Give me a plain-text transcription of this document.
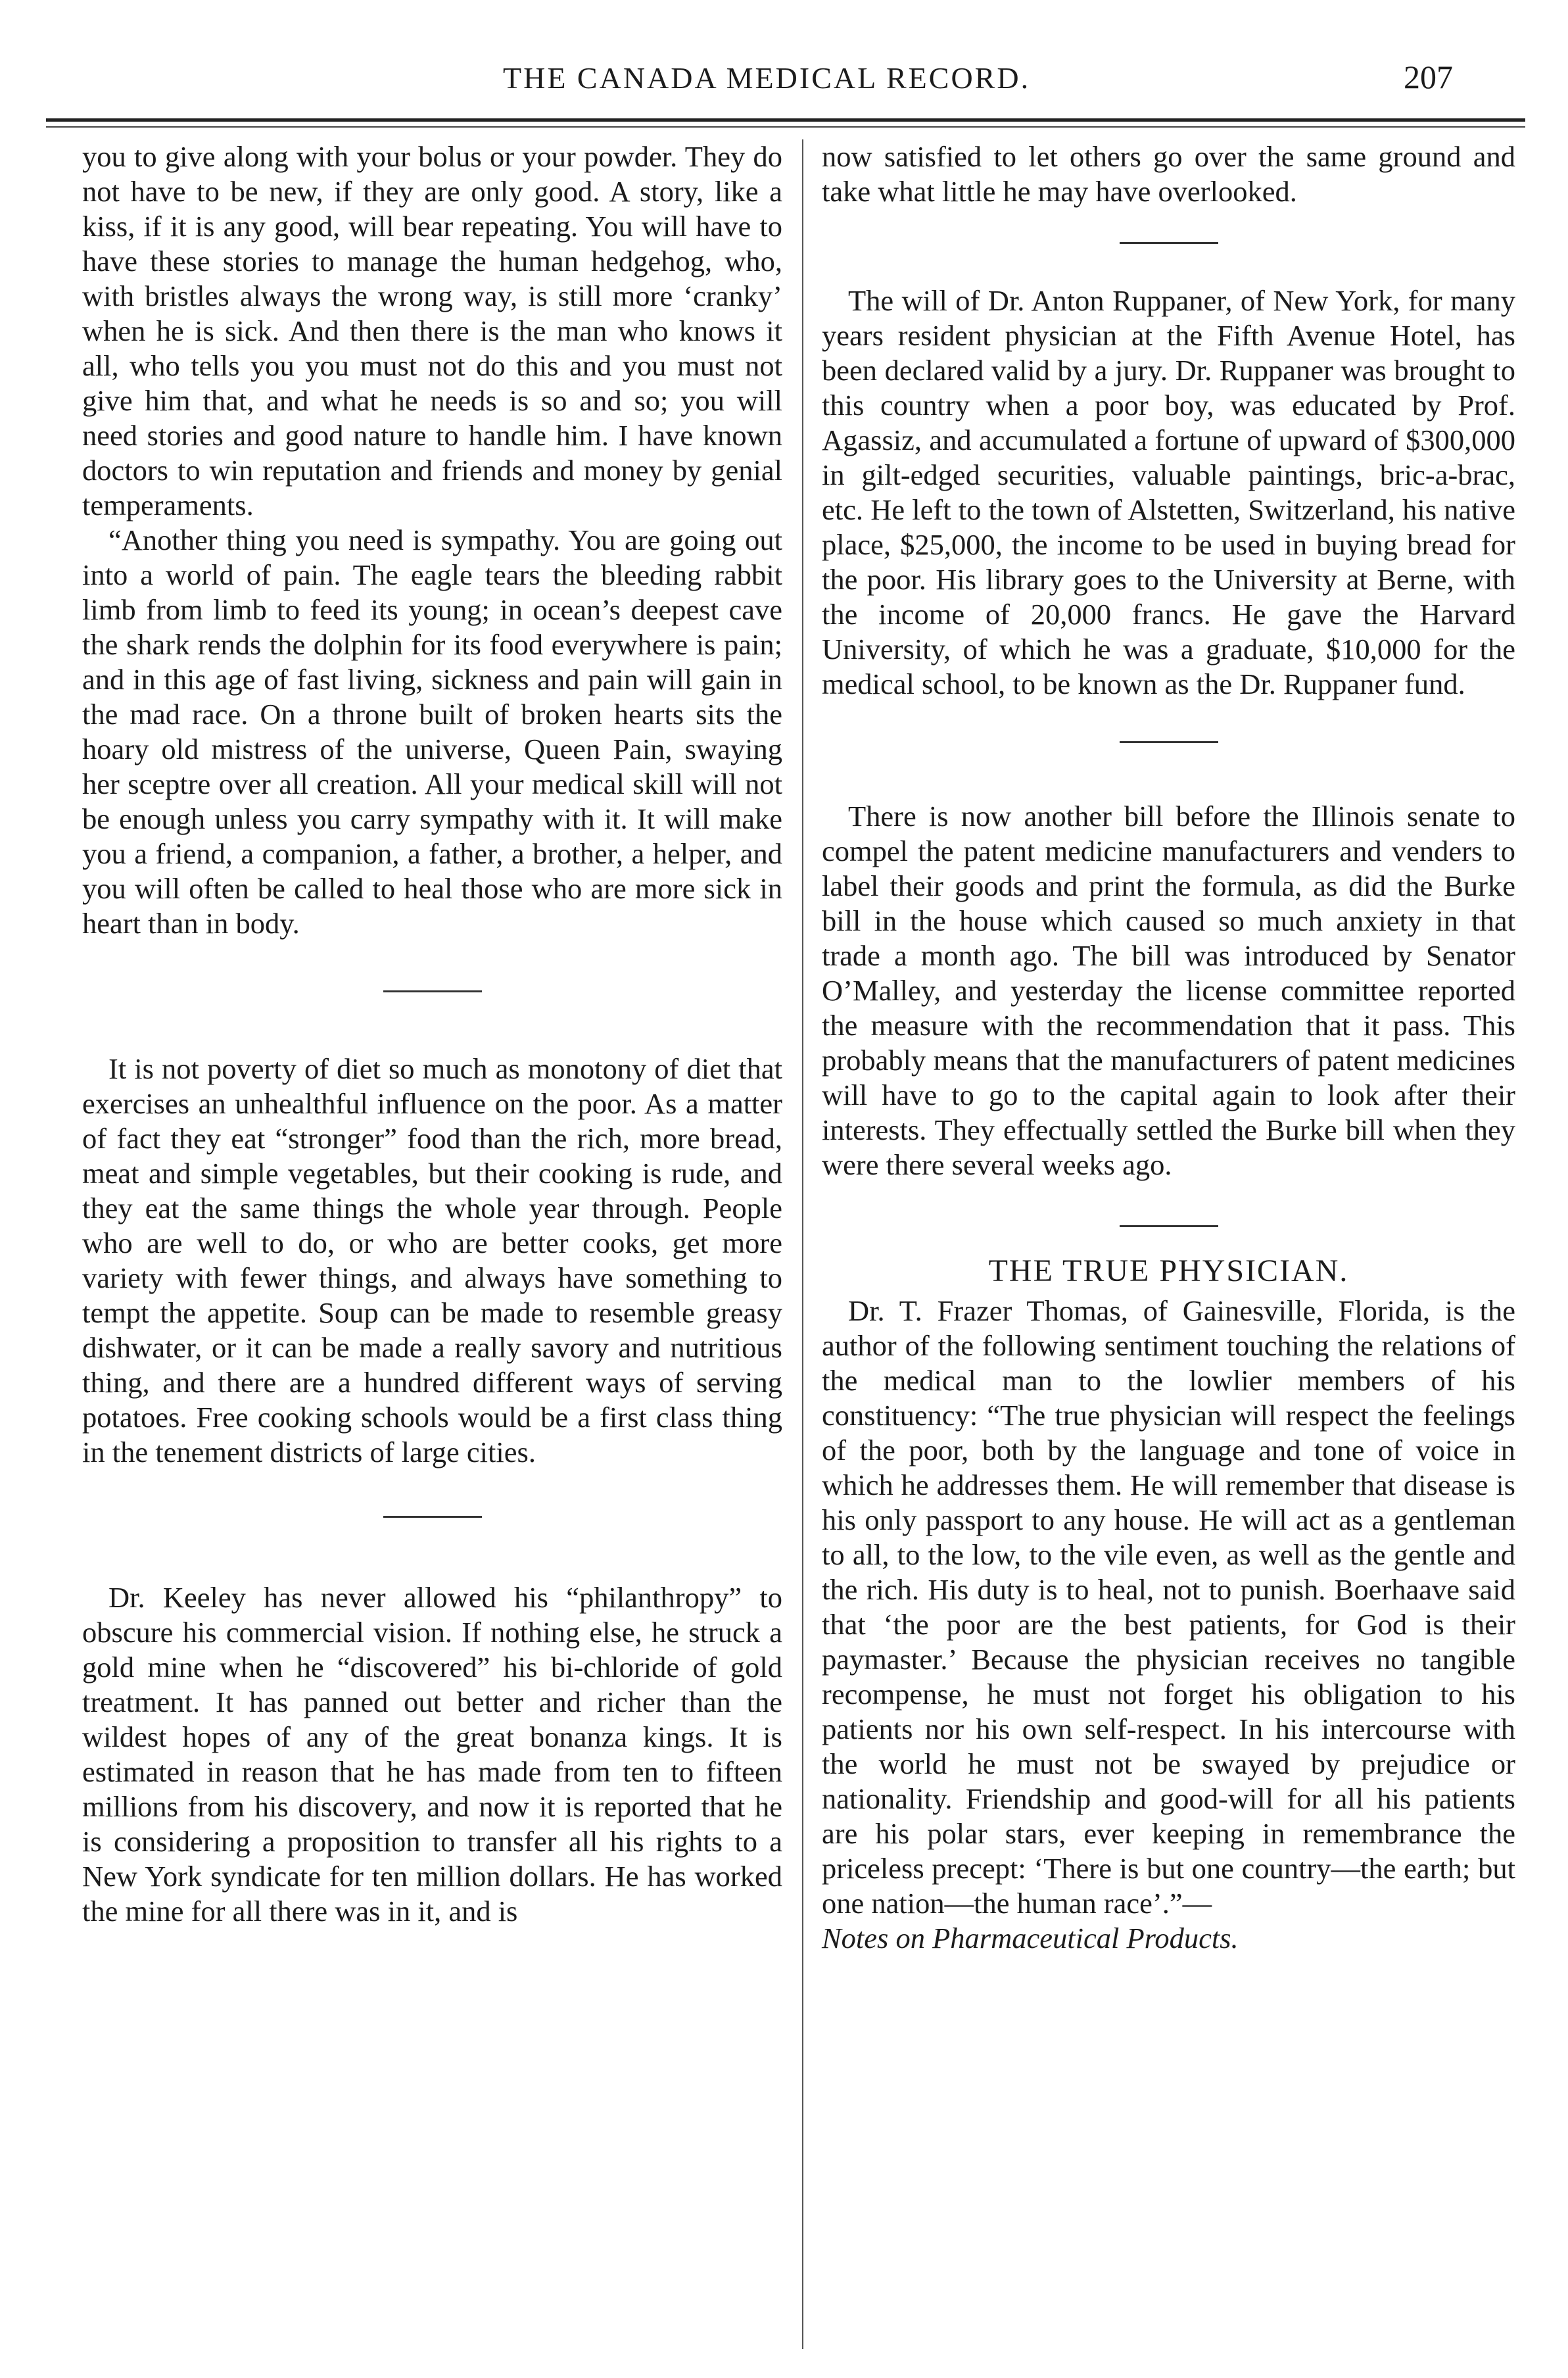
THE CANADA MEDICAL RECORD.	207

you to give along with your bolus or your powder. They do not have to be new, if they are only good. A story, like a kiss, if it is any good, will bear repeating. You will have to have these stories to manage the human hedgehog, who, with bristles always the wrong way, is still more ‘cranky’ when he is sick. And then there is the man who knows it all, who tells you you must not do this and you must not give him that, and what he needs is so and so; you will need stories and good nature to handle him. I have known doctors to win reputation and friends and money by genial temperaments.

“Another thing you need is sympathy. You are going out into a world of pain. The eagle tears the bleeding rabbit limb from limb to feed its young; in ocean’s deepest cave the shark rends the dolphin for its food everywhere is pain; and in this age of fast living, sickness and pain will gain in the mad race. On a throne built of broken hearts sits the hoary old mistress of the universe, Queen Pain, swaying her sceptre over all creation. All your medical skill will not be enough unless you carry sympathy with it. It will make you a friend, a companion, a father, a brother, a helper, and you will often be called to heal those who are more sick in heart than in body.

It is not poverty of diet so much as monotony of diet that exercises an unhealthful influence on the poor. As a matter of fact they eat “stronger” food than the rich, more bread, meat and simple vegetables, but their cooking is rude, and they eat the same things the whole year through. People who are well to do, or who are better cooks, get more variety with fewer things, and always have something to tempt the appetite. Soup can be made to resemble greasy dishwater, or it can be made a really savory and nutritious thing, and there are a hundred different ways of serving potatoes. Free cooking schools would be a first class thing in the tenement districts of large cities.

Dr. Keeley has never allowed his “philanthropy” to obscure his commercial vision. If nothing else, he struck a gold mine when he “discovered” his bi-chloride of gold treatment. It has panned out better and richer than the wildest hopes of any of the great bonanza kings. It is estimated in reason that he has made from ten to fifteen millions from his discovery, and now it is reported that he is considering a proposition to transfer all his rights to a New York syndicate for ten million dollars. He has worked the mine for all there was in it, and is

now satisfied to let others go over the same ground and take what little he may have overlooked.

The will of Dr. Anton Ruppaner, of New York, for many years resident physician at the Fifth Avenue Hotel, has been declared valid by a jury. Dr. Ruppaner was brought to this country when a poor boy, was educated by Prof. Agassiz, and accumulated a fortune of upward of $300,000 in gilt-edged securities, valuable paintings, bric-a-brac, etc. He left to the town of Alstetten, Switzerland, his native place, $25,000, the income to be used in buying bread for the poor. His library goes to the University at Berne, with the income of 20,000 francs. He gave the Harvard University, of which he was a graduate, $10,000 for the medical school, to be known as the Dr. Ruppaner fund.

There is now another bill before the Illinois senate to compel the patent medicine manufacturers and venders to label their goods and print the formula, as did the Burke bill in the house which caused so much anxiety in that trade a month ago. The bill was introduced by Senator O’Malley, and yesterday the license committee reported the measure with the recommendation that it pass. This probably means that the manufacturers of patent medicines will have to go to the capital again to look after their interests. They effectually settled the Burke bill when they were there several weeks ago.

THE TRUE PHYSICIAN.

Dr. T. Frazer Thomas, of Gainesville, Florida, is the author of the following sentiment touching the relations of the medical man to the lowlier members of his constituency: “The true physician will respect the feelings of the poor, both by the language and tone of voice in which he addresses them. He will remember that disease is his only passport to any house. He will act as a gentleman to all, to the low, to the vile even, as well as the gentle and the rich. His duty is to heal, not to punish. Boerhaave said that ‘the poor are the best patients, for God is their paymaster.’ Because the physician receives no tangible recompense, he must not forget his obligation to his patients nor his own self-respect. In his intercourse with the world he must not be swayed by prejudice or nationality. Friendship and good-will for all his patients are his polar stars, ever keeping in remembrance the priceless precept: ‘There is but one country—the earth; but one nation—the human race’.”—

Notes on Pharmaceutical Products.
